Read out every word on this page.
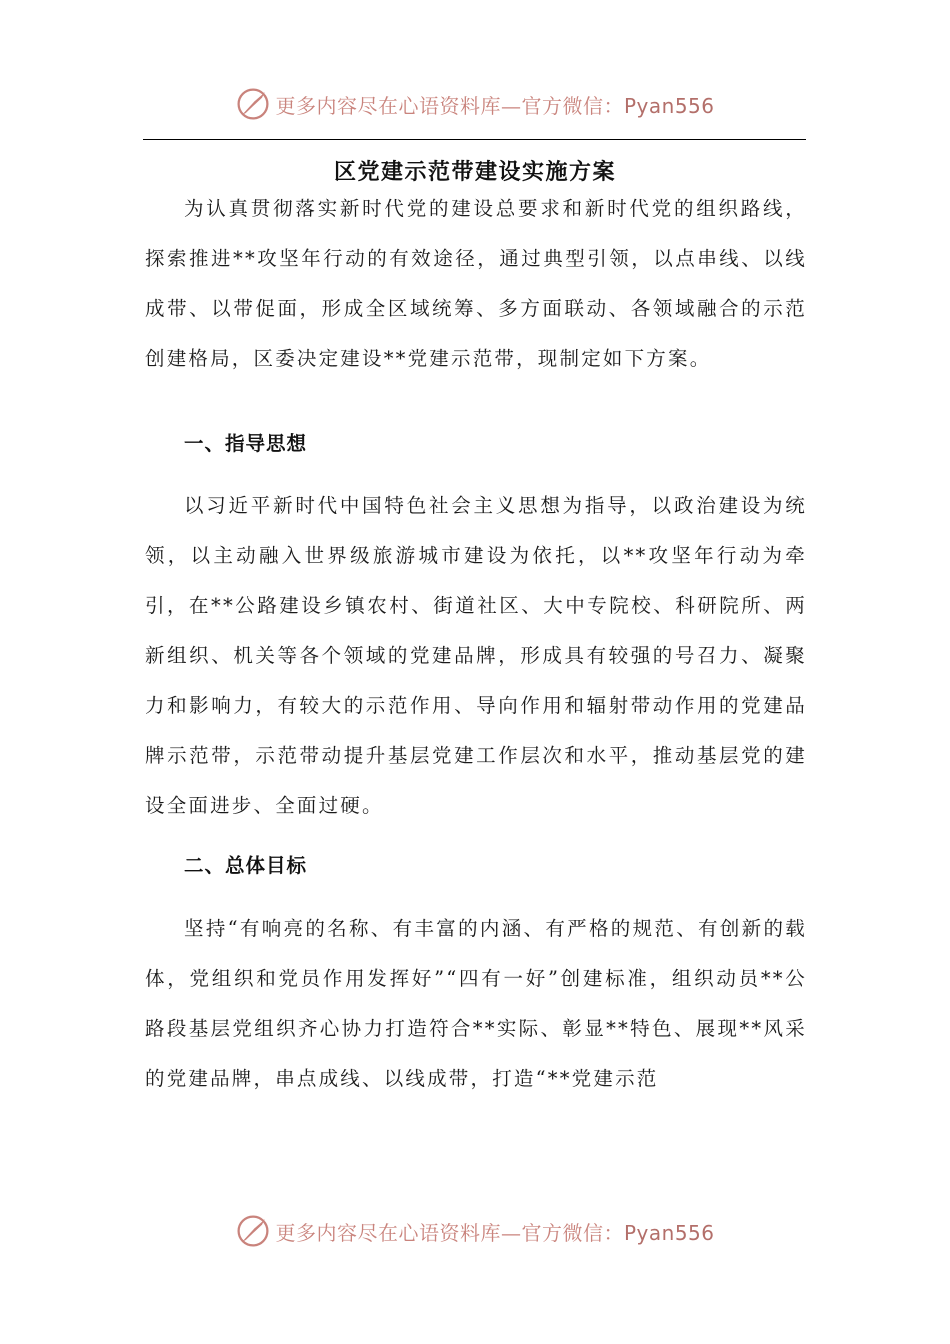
更多内容尽在心语资料库—官方微信：Pyan556
区党建示范带建设实施方案

为认真贯彻落实新时代党的建设总要求和新时代党的组织路线，探索推进**攻坚年行动的有效途径，通过典型引领，以点串线、以线成带、以带促面，形成全区域统筹、多方面联动、各领域融合的示范创建格局，区委决定建设**党建示范带，现制定如下方案。

一、指导思想

以习近平新时代中国特色社会主义思想为指导，以政治建设为统领，以主动融入世界级旅游城市建设为依托，以**攻坚年行动为牵引，在**公路建设乡镇农村、街道社区、大中专院校、科研院所、两新组织、机关等各个领域的党建品牌，形成具有较强的号召力、凝聚力和影响力，有较大的示范作用、导向作用和辐射带动作用的党建品牌示范带，示范带动提升基层党建工作层次和水平，推动基层党的建设全面进步、全面过硬。

二、总体目标

坚持“有响亮的名称、有丰富的内涵、有严格的规范、有创新的载体，党组织和党员作用发挥好”“四有一好”创建标准，组织动员**公路段基层党组织齐心协力打造符合**实际、彰显**特色、展现**风采的党建品牌，串点成线、以线成带，打造“**党建示范

更多内容尽在心语资料库—官方微信：Pyan556
